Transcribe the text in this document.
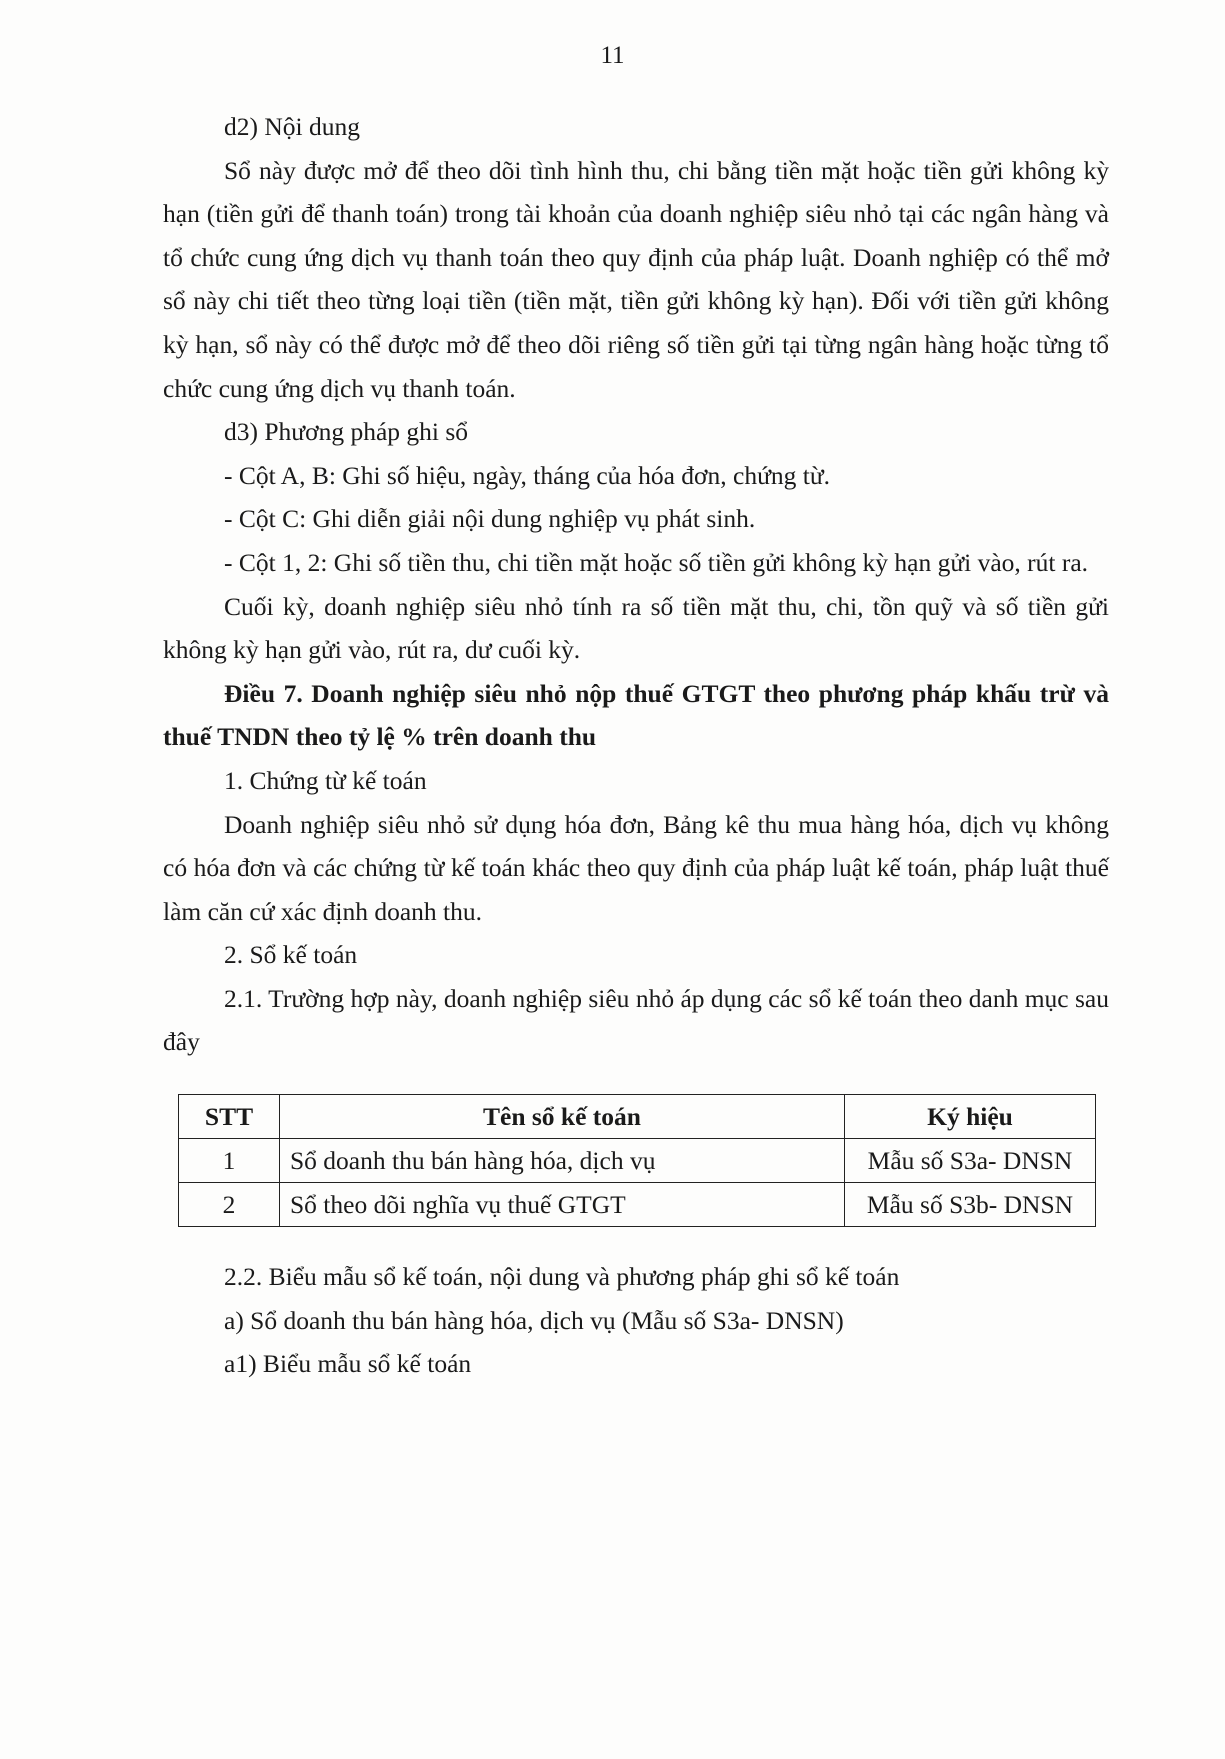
11

d2) Nội dung

Sổ này được mở để theo dõi tình hình thu, chi bằng tiền mặt hoặc tiền gửi không kỳ hạn (tiền gửi để thanh toán) trong tài khoản của doanh nghiệp siêu nhỏ tại các ngân hàng và tổ chức cung ứng dịch vụ thanh toán theo quy định của pháp luật. Doanh nghiệp có thể mở sổ này chi tiết theo từng loại tiền (tiền mặt, tiền gửi không kỳ hạn). Đối với tiền gửi không kỳ hạn, sổ này có thể được mở để theo dõi riêng số tiền gửi tại từng ngân hàng hoặc từng tổ chức cung ứng dịch vụ thanh toán.

d3) Phương pháp ghi sổ

- Cột A, B: Ghi số hiệu, ngày, tháng của hóa đơn, chứng từ.

- Cột C: Ghi diễn giải nội dung nghiệp vụ phát sinh.

- Cột 1, 2: Ghi số tiền thu, chi tiền mặt hoặc số tiền gửi không kỳ hạn gửi vào, rút ra.

Cuối kỳ, doanh nghiệp siêu nhỏ tính ra số tiền mặt thu, chi, tồn quỹ và số tiền gửi không kỳ hạn gửi vào, rút ra, dư cuối kỳ.

Điều 7. Doanh nghiệp siêu nhỏ nộp thuế GTGT theo phương pháp khấu trừ và thuế TNDN theo tỷ lệ % trên doanh thu

1. Chứng từ kế toán

Doanh nghiệp siêu nhỏ sử dụng hóa đơn, Bảng kê thu mua hàng hóa, dịch vụ không có hóa đơn và các chứng từ kế toán khác theo quy định của pháp luật kế toán, pháp luật thuế làm căn cứ xác định doanh thu.

2. Sổ kế toán

2.1. Trường hợp này, doanh nghiệp siêu nhỏ áp dụng các sổ kế toán theo danh mục sau đây

STT	Tên sổ kế toán	Ký hiệu
1	Sổ doanh thu bán hàng hóa, dịch vụ	Mẫu số S3a- DNSN
2	Sổ theo dõi nghĩa vụ thuế GTGT	Mẫu số S3b- DNSN

2.2. Biểu mẫu sổ kế toán, nội dung và phương pháp ghi sổ kế toán

a) Sổ doanh thu bán hàng hóa, dịch vụ (Mẫu số S3a- DNSN)

a1) Biểu mẫu sổ kế toán
